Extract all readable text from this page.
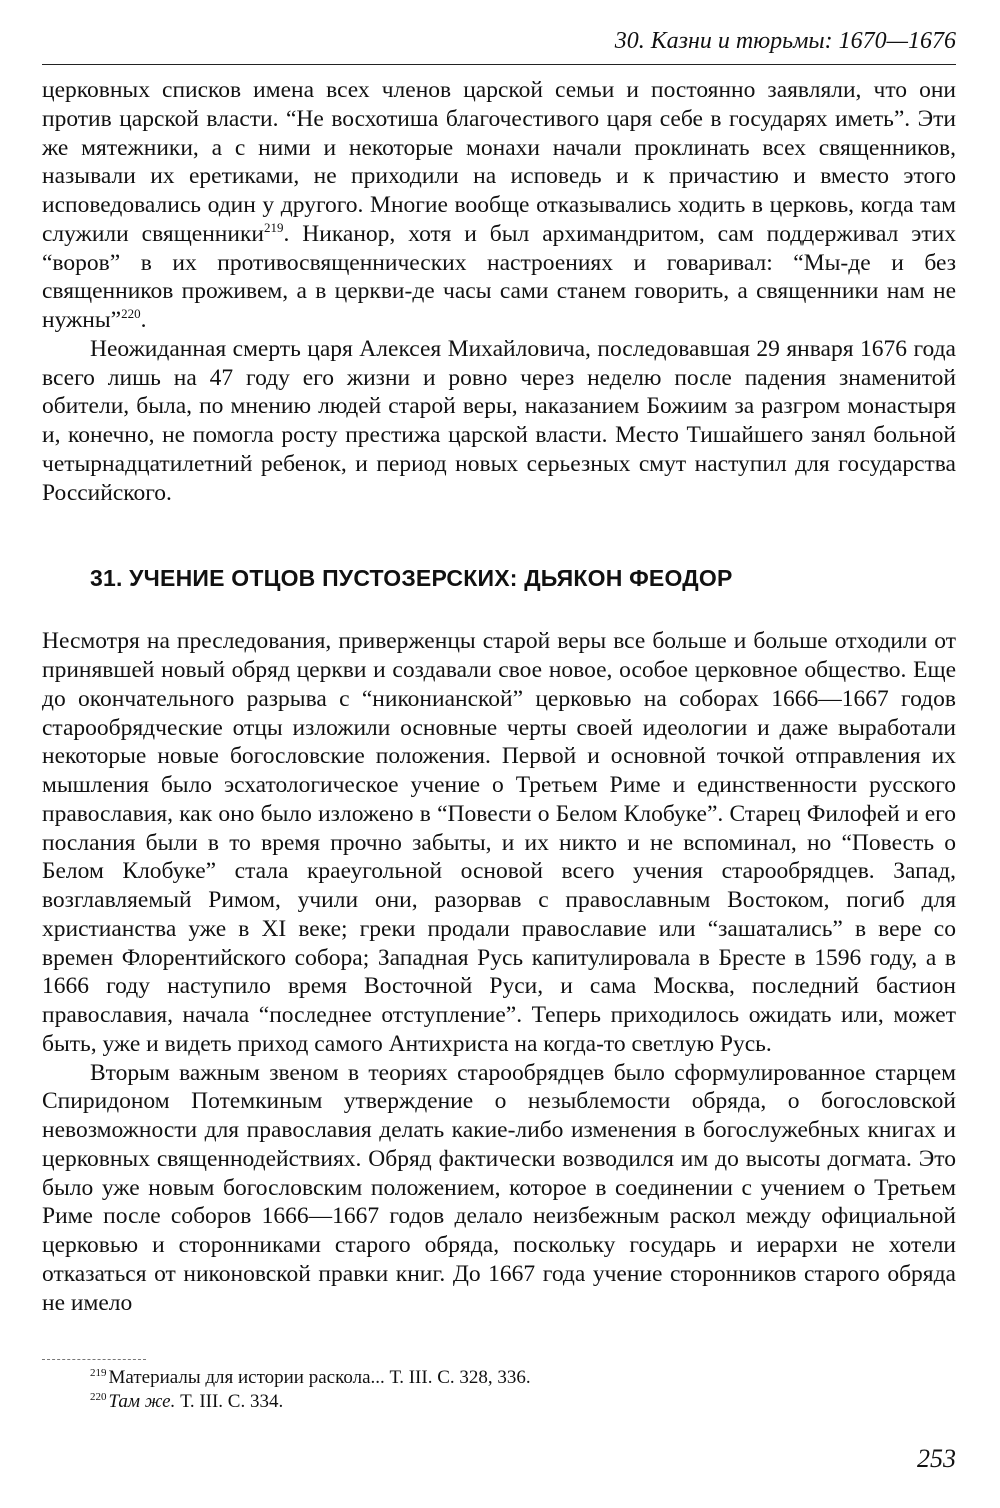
30. Казни и тюрьмы: 1670—1676

церковных списков имена всех членов царской семьи и постоянно заявляли, что они против царской власти. “Не восхотиша благочестивого царя себе в государях иметь”. Эти же мятежники, а с ними и некоторые монахи начали проклинать всех священников, называли их еретиками, не приходили на исповедь и к причастию и вместо этого исповедовались один у другого. Многие вообще отказывались ходить в церковь, когда там служили священники$^{219}$. Никанор, хотя и был архимандритом, сам поддерживал этих “воров” в их противосвященнических настроениях и говаривал: “Мы-де и без священников проживем, а в церкви-де часы сами станем говорить, а священники нам не нужны”$^{220}$.

Неожиданная смерть царя Алексея Михайловича, последовавшая 29 января 1676 года всего лишь на 47 году его жизни и ровно через неделю после падения знаменитой обители, была, по мнению людей старой веры, наказанием Божиим за разгром монастыря и, конечно, не помогла росту престижа царской власти. Место Тишайшего занял больной четырнадцатилетний ребенок, и период новых серьезных смут наступил для государства Российского.

31. УЧЕНИЕ ОТЦОВ ПУСТОЗЕРСКИХ: ДЬЯКОН ФЕОДОР

Несмотря на преследования, приверженцы старой веры все больше и больше отходили от принявшей новый обряд церкви и создавали свое новое, особое церковное общество. Еще до окончательного разрыва с “никонианской” церковью на соборах 1666—1667 годов старообрядческие отцы изложили основные черты своей идеологии и даже выработали некоторые новые богословские положения. Первой и основной точкой отправления их мышления было эсхатологическое учение о Третьем Риме и единственности русского православия, как оно было изложено в “Повести о Белом Клобуке”. Старец Филофей и его послания были в то время прочно забыты, и их никто и не вспоминал, но “Повесть о Белом Клобуке” стала краеугольной основой всего учения старообрядцев. Запад, возглавляемый Римом, учили они, разорвав с православным Востоком, погиб для христианства уже в XI веке; греки продали православие или “зашатались” в вере со времен Флорентийского собора; Западная Русь капитулировала в Бресте в 1596 году, а в 1666 году наступило время Восточной Руси, и сама Москва, последний бастион православия, начала “последнее отступление”. Теперь приходилось ожидать или, может быть, уже и видеть приход самого Антихриста на когда-то светлую Русь.

Вторым важным звеном в теориях старообрядцев было сформулированное старцем Спиридоном Потемкиным утверждение о незыблемости обряда, о богословской невозможности для православия делать какие-либо изменения в богослужебных книгах и церковных священнодействиях. Обряд фактически возводился им до высоты догмата. Это было уже новым богословским положением, которое в соединении с учением о Третьем Риме после соборов 1666—1667 годов делало неизбежным раскол между официальной церковью и сторонниками старого обряда, поскольку государь и иерархи не хотели отказаться от никоновской правки книг. До 1667 года учение сторонников старого обряда не имело

$^{219}$ Материалы для истории раскола... Т. III. С. 328, 336.
$^{220}$ Там же. Т. III. С. 334.
253
